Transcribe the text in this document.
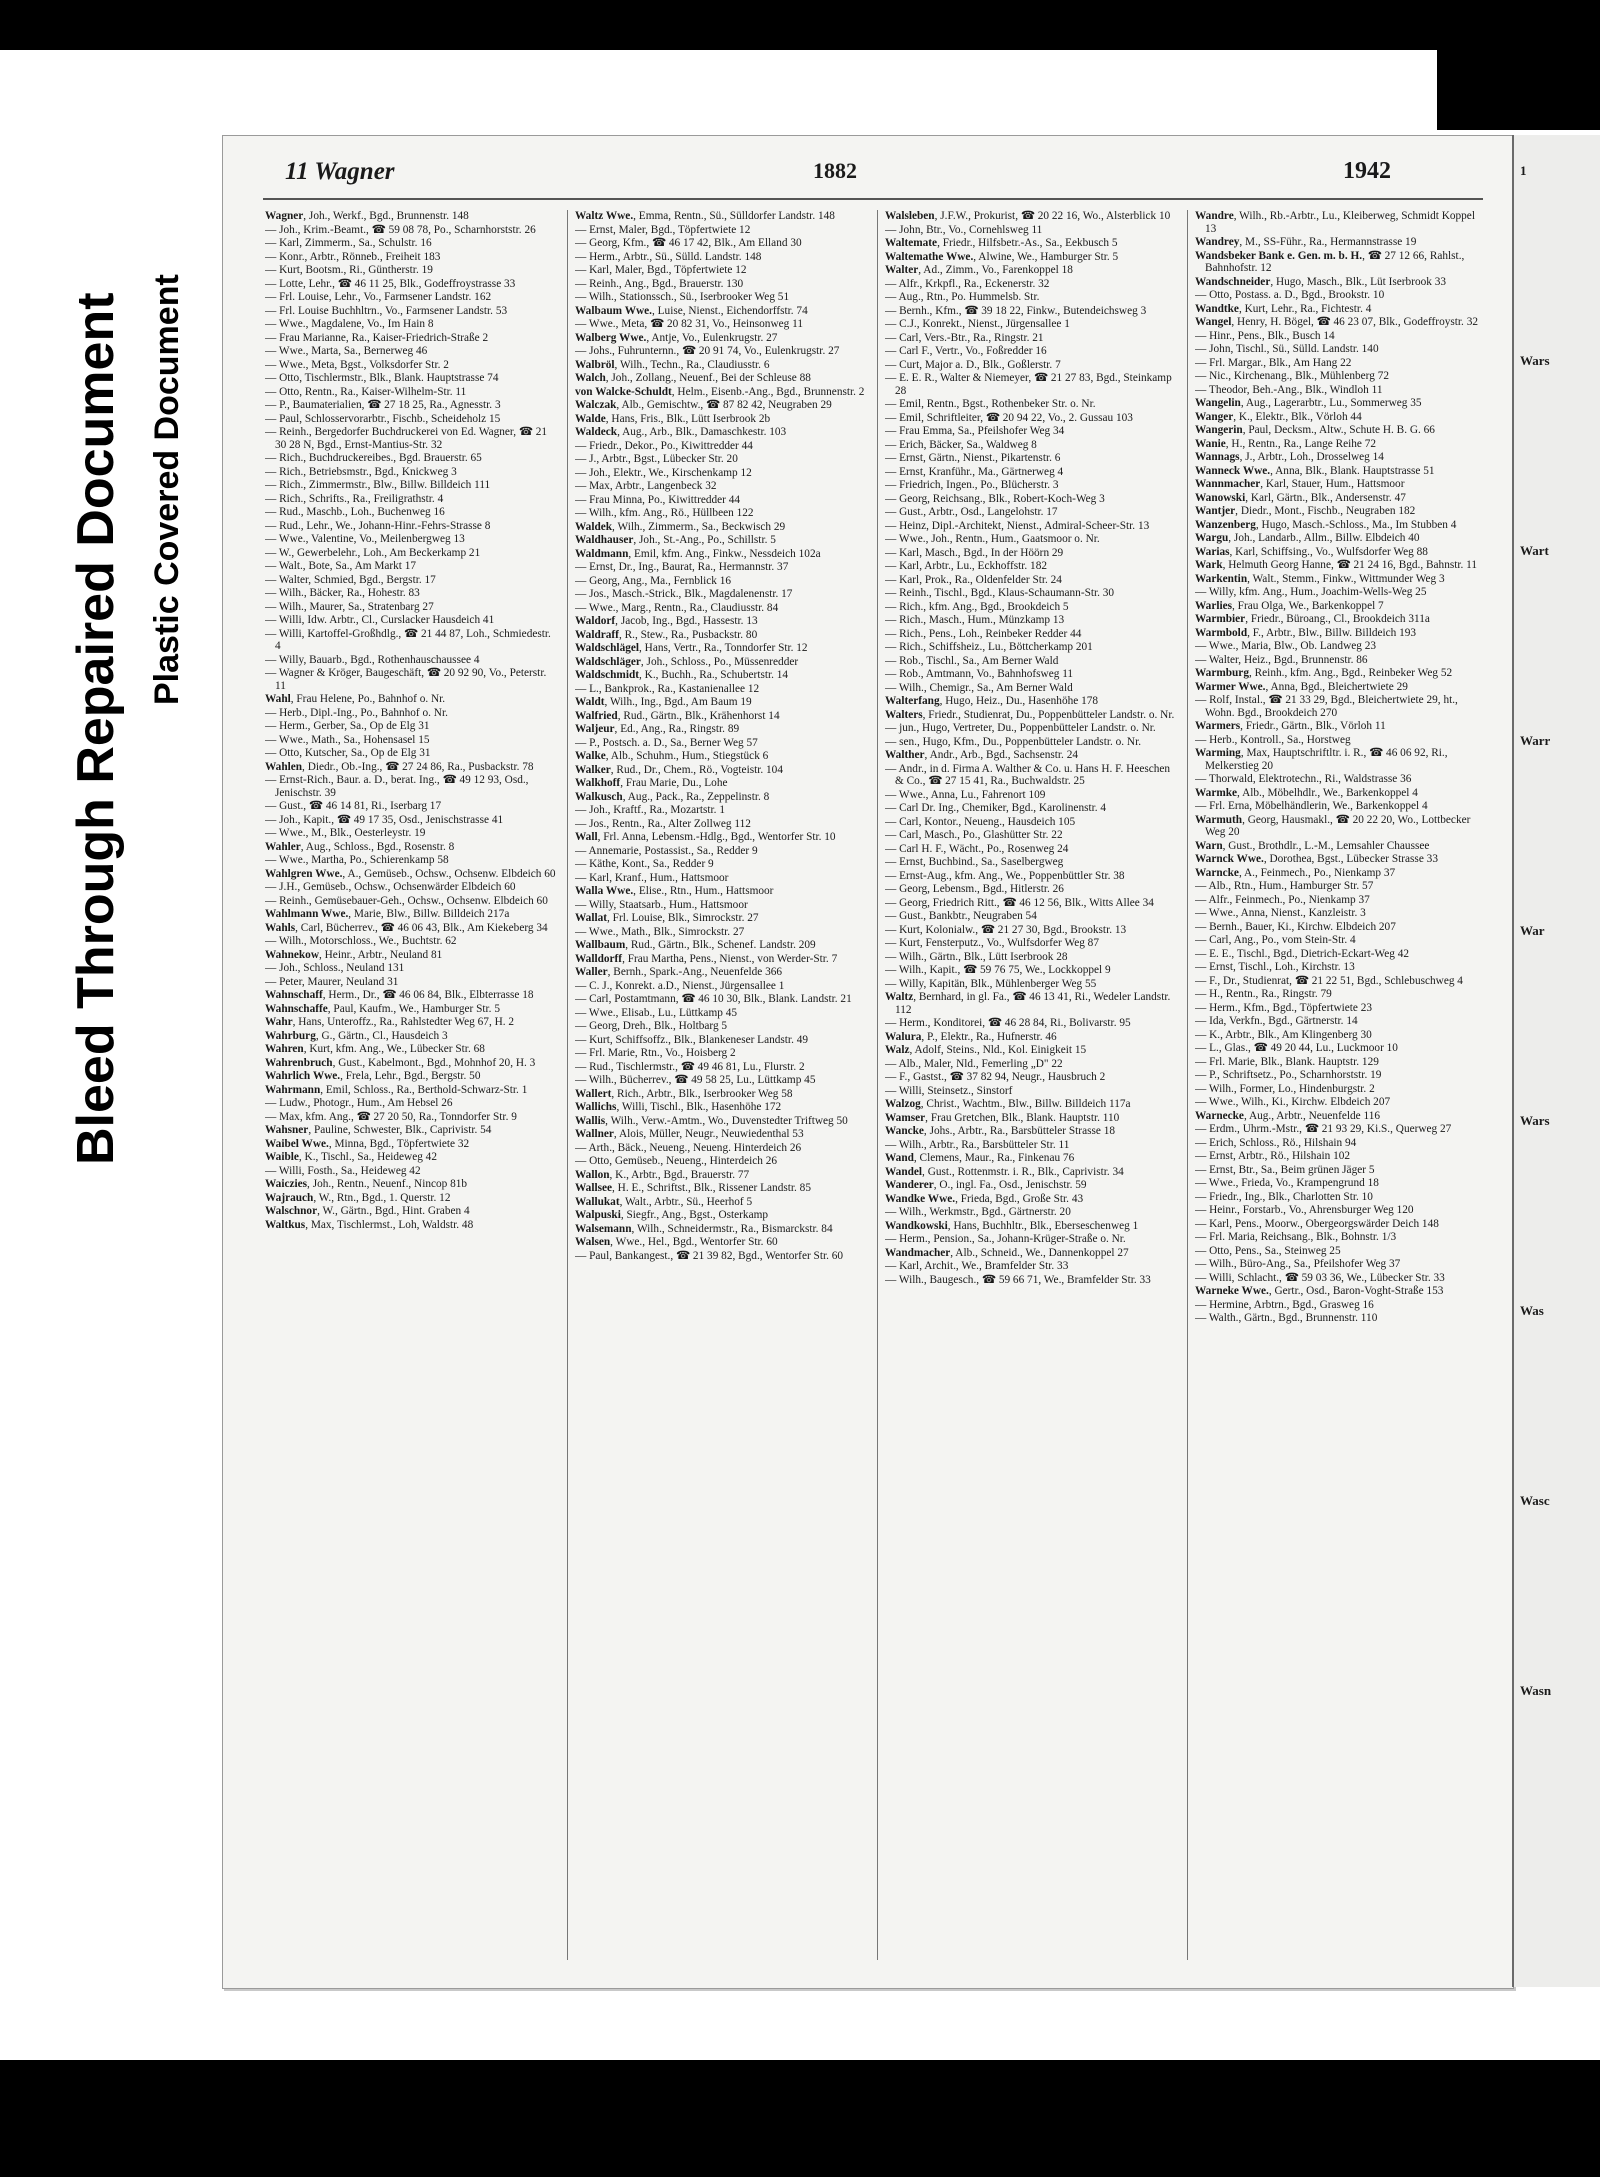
Bleed Through Repaired Document Plastic Covered Document
11 Wagner	1882	1942
Wagner, Joh., Werkf., Bgd., Brunnenstr. 148
— Joh., Krim.-Beamt., ☎ 59 08 78, Po., Scharnhorststr. 26
— Karl, Zimmerm., Sa., Schulstr. 16
— Konr., Arbtr., Rönneb., Freiheit 183
— Kurt, Bootsm., Ri., Güntherstr. 19
— Lotte, Lehr., ☎ 46 11 25, Blk., Godeffroystrasse 33
— Frl. Louise, Lehr., Vo., Farmsener Landstr. 162
— Frl. Louise Buchhltrn., Vo., Farmsener Landstr. 53
— Wwe., Magdalene, Vo., Im Hain 8
— Frau Marianne, Ra., Kaiser-Friedrich-Straße 2
— Wwe., Marta, Sa., Bernerweg 46
— Wwe., Meta, Bgst., Volksdorfer Str. 2
— Otto, Tischlermstr., Blk., Blank. Hauptstrasse 74
— Otto, Rentn., Ra., Kaiser-Wilhelm-Str. 11
— P., Baumaterialien, ☎ 27 18 25, Ra., Agnesstr. 3
— Paul, Schlosservorarbtr., Fischb., Scheideholz 15
— Reinh., Bergedorfer Buchdruckerei von Ed. Wagner, ☎ 21 30 28 N, Bgd., Ernst-Mantius-Str. 32
— Rich., Buchdruckereibes., Bgd. Brauerstr. 65
— Rich., Betriebsmstr., Bgd., Knickweg 3
— Rich., Zimmermstr., Blw., Billw. Billdeich 111
— Rich., Schrifts., Ra., Freiligrathstr. 4
— Rud., Maschb., Loh., Buchenweg 16
— Rud., Lehr., We., Johann-Hinr.-Fehrs-Strasse 8
— Wwe., Valentine, Vo., Meilenbergweg 13
— W., Gewerbelehr., Loh., Am Beckerkamp 21
— Walt., Bote, Sa., Am Markt 17
— Walter, Schmied, Bgd., Bergstr. 17
— Wilh., Bäcker, Ra., Hohestr. 83
— Wilh., Maurer, Sa., Stratenbarg 27
— Willi, Idw. Arbtr., Cl., Curslacker Hausdeich 41
— Willi, Kartoffel-Großhdlg., ☎ 21 44 87, Loh., Schmiedestr. 4
— Willy, Bauarb., Bgd., Rothenhauschaussee 4
— Wagner & Kröger, Baugeschäft, ☎ 20 92 90, Vo., Peterstr. 11
Wahl, Frau Helene, Po., Bahnhof o. Nr.
— Herb., Dipl.-Ing., Po., Bahnhof o. Nr.
— Herm., Gerber, Sa., Op de Elg 31
— Wwe., Math., Sa., Hohensasel 15
— Otto, Kutscher, Sa., Op de Elg 31
Wahlen, Diedr., Ob.-Ing., ☎ 27 24 86, Ra., Pusbackstr. 78
— Ernst-Rich., Baur. a. D., berat. Ing., ☎ 49 12 93, Osd., Jenischstr. 39
— Gust., ☎ 46 14 81, Ri., Iserbarg 17
— Joh., Kapit., ☎ 49 17 35, Osd., Jenischstrasse 41
— Wwe., M., Blk., Oesterleystr. 19
Wahler, Aug., Schloss., Bgd., Rosenstr. 8
— Wwe., Martha, Po., Schierenkamp 58
Wahlgren Wwe., A., Gemüseb., Ochsw., Ochsenw. Elbdeich 60
— J.H., Gemüseb., Ochsw., Ochsenwärder Elbdeich 60
— Reinh., Gemüsebauer-Geh., Ochsw., Ochsenw. Elbdeich 60
Wahlmann Wwe., Marie, Blw., Billw. Billdeich 217a
Wahls, Carl, Bücherrev., ☎ 46 06 43, Blk., Am Kiekeberg 34
— Wilh., Motorschloss., We., Buchtstr. 62
Wahnekow, Heinr., Arbtr., Neuland 81
— Joh., Schloss., Neuland 131
— Peter, Maurer, Neuland 31
Wahnschaff, Herm., Dr., ☎ 46 06 84, Blk., Elbterrasse 18
Wahnschaffe, Paul, Kaufm., We., Hamburger Str. 5
Wahr, Hans, Unteroffz., Ra., Rahlstedter Weg 67, H. 2
Wahrburg, G., Gärtn., Cl., Hausdeich 3
Wahren, Kurt, kfm. Ang., We., Lübecker Str. 68
Wahrenbruch, Gust., Kabelmont., Bgd., Mohnhof 20, H. 3
Wahrlich Wwe., Frela, Lehr., Bgd., Bergstr. 50
Wahrmann, Emil, Schloss., Ra., Berthold-Schwarz-Str. 1
— Ludw., Photogr., Hum., Am Hebsel 26
— Max, kfm. Ang., ☎ 27 20 50, Ra., Tonndorfer Str. 9
Wahsner, Pauline, Schwester, Blk., Caprivistr. 54
Waibel Wwe., Minna, Bgd., Töpfertwiete 32
Waible, K., Tischl., Sa., Heideweg 42
— Willi, Fosth., Sa., Heideweg 42
Waiczies, Joh., Rentn., Neuenf., Nincop 81b
Wajrauch, W., Rtn., Bgd., 1. Querstr. 12
Walschnor, W., Gärtn., Bgd., Hint. Graben 4
Waltkus, Max, Tischlermst., Loh, Waldstr. 48
Waltz Wwe., Emma, Rentn., Sü., Sülldorfer Landstr. 148
— Ernst, Maler, Bgd., Töpfertwiete 12
— Georg, Kfm., ☎ 46 17 42, Blk., Am Elland 30
— Herm., Arbtr., Sü., Sülld. Landstr. 148
— Karl, Maler, Bgd., Töpfertwiete 12
— Reinh., Ang., Bgd., Brauerstr. 130
— Wilh., Stationssch., Sü., Iserbrooker Weg 51
Walbaum Wwe., Luise, Nienst., Eichendorffstr. 74
— Wwe., Meta, ☎ 20 82 31, Vo., Heinsonweg 11
Walberg Wwe., Antje, Vo., Eulenkrugstr. 27
— Johs., Fuhrunternn., ☎ 20 91 74, Vo., Eulenkrugstr. 27
Walbröl, Wilh., Techn., Ra., Claudiusstr. 6
Walch, Joh., Zollang., Neuenf., Bei der Schleuse 88
von Walcke-Schuldt, Helm., Eisenb.-Ang., Bgd., Brunnenstr. 2
Walczak, Alb., Gemischtw., ☎ 87 82 42, Neugraben 29
Walde, Hans, Fris., Blk., Lütt Iserbrook 2b
Waldeck, Aug., Arb., Blk., Damaschkestr. 103
— Friedr., Dekor., Po., Kiwittredder 44
— J., Arbtr., Bgst., Lübecker Str. 20
— Joh., Elektr., We., Kirschenkamp 12
— Max, Arbtr., Langenbeck 32
— Frau Minna, Po., Kiwittredder 44
— Wilh., kfm. Ang., Rö., Hüllbeen 122
Waldek, Wilh., Zimmerm., Sa., Beckwisch 29
Waldhauser, Joh., St.-Ang., Po., Schillstr. 5
Waldmann, Emil, kfm. Ang., Finkw., Nessdeich 102a
— Ernst, Dr., Ing., Baurat, Ra., Hermannstr. 37
— Georg, Ang., Ma., Fernblick 16
— Jos., Masch.-Strick., Blk., Magdalenenstr. 17
— Wwe., Marg., Rentn., Ra., Claudiusstr. 84
Waldorf, Jacob, Ing., Bgd., Hassestr. 13
Waldraff, R., Stew., Ra., Pusbackstr. 80
Waldschlägel, Hans, Vertr., Ra., Tonndorfer Str. 12
Waldschläger, Joh., Schloss., Po., Müssenredder
Waldschmidt, K., Buchh., Ra., Schubertstr. 14
— L., Bankprok., Ra., Kastanienallee 12
Waldt, Wilh., Ing., Bgd., Am Baum 19
Walfried, Rud., Gärtn., Blk., Krähenhorst 14
Waljeur, Ed., Ang., Ra., Ringstr. 89
— P., Postsch. a. D., Sa., Berner Weg 57
Walke, Alb., Schuhm., Hum., Stiegstück 6
Walker, Rud., Dr., Chem., Rö., Vogteistr. 104
Walkhoff, Frau Marie, Du., Lohe
Walkusch, Aug., Pack., Ra., Zeppelinstr. 8
— Joh., Kraftf., Ra., Mozartstr. 1
— Jos., Rentn., Ra., Alter Zollweg 112
Wall, Frl. Anna, Lebensm.-Hdlg., Bgd., Wentorfer Str. 10
— Annemarie, Postassist., Sa., Redder 9
— Käthe, Kont., Sa., Redder 9
— Karl, Kranf., Hum., Hattsmoor
Walla Wwe., Elise., Rtn., Hum., Hattsmoor
— Willy, Staatsarb., Hum., Hattsmoor
Wallat, Frl. Louise, Blk., Simrockstr. 27
— Wwe., Math., Blk., Simrockstr. 27
Wallbaum, Rud., Gärtn., Blk., Schenef. Landstr. 209
Walldorff, Frau Martha, Pens., Nienst., von Werder-Str. 7
Waller, Bernh., Spark.-Ang., Neuenfelde 366
— C. J., Konrekt. a.D., Nienst., Jürgensallee 1
— Carl, Postamtmann, ☎ 46 10 30, Blk., Blank. Landstr. 21
— Wwe., Elisab., Lu., Lüttkamp 45
— Georg, Dreh., Blk., Holtbarg 5
— Kurt, Schiffsoffz., Blk., Blankeneser Landstr. 49
— Frl. Marie, Rtn., Vo., Hoisberg 2
— Rud., Tischlermstr., ☎ 49 46 81, Lu., Flurstr. 2
— Wilh., Bücherrev., ☎ 49 58 25, Lu., Lüttkamp 45
Wallert, Rich., Arbtr., Blk., Iserbrooker Weg 58
Wallichs, Willi, Tischl., Blk., Hasenhöhe 172
Wallis, Wilh., Verw.-Amtm., Wo., Duvenstedter Triftweg 50
Wallner, Alois, Müller, Neugr., Neuwiedenthal 53
— Arth., Bäck., Neueng., Neueng. Hinterdeich 26
— Otto, Gemüseb., Neueng., Hinterdeich 26
Wallon, K., Arbtr., Bgd., Brauerstr. 77
Wallsee, H. E., Schriftst., Blk., Rissener Landstr. 85
Wallukat, Walt., Arbtr., Sü., Heerhof 5
Walpuski, Siegfr., Ang., Bgst., Osterkamp
Walsemann, Wilh., Schneidermstr., Ra., Bismarckstr. 84
Walsen, Wwe., Hel., Bgd., Wentorfer Str. 60
— Paul, Bankangest., ☎ 21 39 82, Bgd., Wentorfer Str. 60
Walsleben, J.F.W., Prokurist, ☎ 20 22 16, Wo., Alsterblick 10
— John, Btr., Vo., Cornehlsweg 11
Waltemate, Friedr., Hilfsbetr.-As., Sa., Eekbusch 5
Waltemathe Wwe., Alwine, We., Hamburger Str. 5
Walter, Ad., Zimm., Vo., Farenkoppel 18
— Alfr., Krkpfl., Ra., Eckenerstr. 32
— Aug., Rtn., Po. Hummelsb. Str.
— Bernh., Kfm., ☎ 39 18 22, Finkw., Butendeichsweg 3
— C.J., Konrekt., Nienst., Jürgensallee 1
— Carl, Vers.-Btr., Ra., Ringstr. 21
— Carl F., Vertr., Vo., Foßredder 16
— Curt, Major a. D., Blk., Goßlerstr. 7
— E. E. R., Walter & Niemeyer, ☎ 21 27 83, Bgd., Steinkamp 28
— Emil, Rentn., Bgst., Rothenbeker Str. o. Nr.
— Emil, Schriftleiter, ☎ 20 94 22, Vo., 2. Gussau 103
— Frau Emma, Sa., Pfeilshofer Weg 34
— Erich, Bäcker, Sa., Waldweg 8
— Ernst, Gärtn., Nienst., Pikartenstr. 6
— Ernst, Kranführ., Ma., Gärtnerweg 4
— Friedrich, Ingen., Po., Blücherstr. 3
— Georg, Reichsang., Blk., Robert-Koch-Weg 3
— Gust., Arbtr., Osd., Langelohstr. 17
— Heinz, Dipl.-Architekt, Nienst., Admiral-Scheer-Str. 13
— Wwe., Joh., Rentn., Hum., Gaatsmoor o. Nr.
— Karl, Masch., Bgd., In der Höörn 29
— Karl, Arbtr., Lu., Eckhoffstr. 182
— Karl, Prok., Ra., Oldenfelder Str. 24
— Reinh., Tischl., Bgd., Klaus-Schaumann-Str. 30
— Rich., kfm. Ang., Bgd., Brookdeich 5
— Rich., Masch., Hum., Münzkamp 13
— Rich., Pens., Loh., Reinbeker Redder 44
— Rich., Schiffsheiz., Lu., Böttcherkamp 201
— Rob., Tischl., Sa., Am Berner Wald
— Rob., Amtmann, Vo., Bahnhofsweg 11
— Wilh., Chemigr., Sa., Am Berner Wald
Walterfang, Hugo, Heiz., Du., Hasenhöhe 178
Walters, Friedr., Studienrat, Du., Poppenbütteler Landstr. o. Nr.
— jun., Hugo, Vertreter, Du., Poppenbütteler Landstr. o. Nr.
— sen., Hugo, Kfm., Du., Poppenbütteler Landstr. o. Nr.
Walther, Andr., Arb., Bgd., Sachsenstr. 24
— Andr., in d. Firma A. Walther & Co. u. Hans H. F. Heeschen & Co., ☎ 27 15 41, Ra., Buchwaldstr. 25
— Wwe., Anna, Lu., Fahrenort 109
— Carl Dr. Ing., Chemiker, Bgd., Karolinenstr. 4
— Carl, Kontor., Neueng., Hausdeich 105
— Carl, Masch., Po., Glashütter Str. 22
— Carl H. F., Wächt., Po., Rosenweg 24
— Ernst, Buchbind., Sa., Saselbergweg
— Ernst-Aug., kfm. Ang., We., Poppenbüttler Str. 38
— Georg, Lebensm., Bgd., Hitlerstr. 26
— Georg, Friedrich Ritt., ☎ 46 12 56, Blk., Witts Allee 34
— Gust., Bankbtr., Neugraben 54
— Kurt, Kolonialw., ☎ 21 27 30, Bgd., Brookstr. 13
— Kurt, Fensterputz., Vo., Wulfsdorfer Weg 87
— Wilh., Gärtn., Blk., Lütt Iserbrook 28
— Wilh., Kapit., ☎ 59 76 75, We., Lockkoppel 9
— Willy, Kapitän, Blk., Mühlenberger Weg 55
Waltz, Bernhard, in gl. Fa., ☎ 46 13 41, Ri., Wedeler Landstr. 112
— Herm., Konditorei, ☎ 46 28 84, Ri., Bolivarstr. 95
Walura, P., Elektr., Ra., Hufnerstr. 46
Walz, Adolf, Steins., Nld., Kol. Einigkeit 15
— Alb., Maler, Nld., Femerling „D" 22
— F., Gastst., ☎ 37 82 94, Neugr., Hausbruch 2
— Willi, Steinsetz., Sinstorf
Walzog, Christ., Wachtm., Blw., Billw. Billdeich 117a
Wamser, Frau Gretchen, Blk., Blank. Hauptstr. 110
Wancke, Johs., Arbtr., Ra., Barsbütteler Strasse 18
— Wilh., Arbtr., Ra., Barsbütteler Str. 11
Wand, Clemens, Maur., Ra., Finkenau 76
Wandel, Gust., Rottenmstr. i. R., Blk., Caprivistr. 34
Wanderer, O., ingl. Fa., Osd., Jenischstr. 59
Wandke Wwe., Frieda, Bgd., Große Str. 43
— Wilh., Werkmstr., Bgd., Gärtnerstr. 20
Wandkowski, Hans, Buchhltr., Blk., Eberseschenweg 1
— Herm., Pension., Sa., Johann-Krüger-Straße o. Nr.
Wandmacher, Alb., Schneid., We., Dannenkoppel 27
— Karl, Archit., We., Bramfelder Str. 33
— Wilh., Baugesch., ☎ 59 66 71, We., Bramfelder Str. 33
Wandre, Wilh., Rb.-Arbtr., Lu., Kleiberweg, Schmidt Koppel 13
Wandrey, M., SS-Führ., Ra., Hermannstrasse 19
Wandsbeker Bank e. Gen. m. b. H., ☎ 27 12 66, Rahlst., Bahnhofstr. 12
Wandschneider, Hugo, Masch., Blk., Lüt Iserbrook 33
— Otto, Postass. a. D., Bgd., Brookstr. 10
Wandtke, Kurt, Lehr., Ra., Fichtestr. 4
Wangel, Henry, H. Bögel, ☎ 46 23 07, Blk., Godeffroystr. 32
— Hinr., Pens., Blk., Busch 14
— John, Tischl., Sü., Sülld. Landstr. 140
— Frl. Margar., Blk., Am Hang 22
— Nic., Kirchenang., Blk., Mühlenberg 72
— Theodor, Beh.-Ang., Blk., Windloh 11
Wangelin, Aug., Lagerarbtr., Lu., Sommerweg 35
Wanger, K., Elektr., Blk., Vörloh 44
Wangerin, Paul, Decksm., Altw., Schute H. B. G. 66
Wanie, H., Rentn., Ra., Lange Reihe 72
Wannags, J., Arbtr., Loh., Drosselweg 14
Wanneck Wwe., Anna, Blk., Blank. Hauptstrasse 51
Wannmacher, Karl, Stauer, Hum., Hattsmoor
Wanowski, Karl, Gärtn., Blk., Andersenstr. 47
Wantjer, Diedr., Mont., Fischb., Neugraben 182
Wanzenberg, Hugo, Masch.-Schloss., Ma., Im Stubben 4
Wargu, Joh., Landarb., Allm., Billw. Elbdeich 40
Warias, Karl, Schiffsing., Vo., Wulfsdorfer Weg 88
Wark, Helmuth Georg Hanne, ☎ 21 24 16, Bgd., Bahnstr. 11
Warkentin, Walt., Stemm., Finkw., Wittmunder Weg 3
— Willy, kfm. Ang., Hum., Joachim-Wells-Weg 25
Warlies, Frau Olga, We., Barkenkoppel 7
Warmbier, Friedr., Büroang., Cl., Brookdeich 311a
Warmbold, F., Arbtr., Blw., Billw. Billdeich 193
— Wwe., Maria, Blw., Ob. Landweg 23
— Walter, Heiz., Bgd., Brunnenstr. 86
Warmburg, Reinh., kfm. Ang., Bgd., Reinbeker Weg 52
Warmer Wwe., Anna, Bgd., Bleichertwiete 29
— Rolf, Instal., ☎ 21 33 29, Bgd., Bleichertwiete 29, ht., Wohn. Bgd., Brookdeich 270
Warmers, Friedr., Gärtn., Blk., Vörloh 11
— Herb., Kontroll., Sa., Horstweg
Warming, Max, Hauptschriftltr. i. R., ☎ 46 06 92, Ri., Melkerstieg 20
— Thorwald, Elektrotechn., Ri., Waldstrasse 36
Warmke, Alb., Möbelhdlr., We., Barkenkoppel 4
— Frl. Erna, Möbelhändlerin, We., Barkenkoppel 4
Warmuth, Georg, Hausmakl., ☎ 20 22 20, Wo., Lottbecker Weg 20
Warn, Gust., Brothdlr., L.-M., Lemsahler Chaussee
Warnck Wwe., Dorothea, Bgst., Lübecker Strasse 33
Warncke, A., Feinmech., Po., Nienkamp 37
— Alb., Rtn., Hum., Hamburger Str. 57
— Alfr., Feinmech., Po., Nienkamp 37
— Wwe., Anna, Nienst., Kanzleistr. 3
— Bernh., Bauer, Ki., Kirchw. Elbdeich 207
— Carl, Ang., Po., vom Stein-Str. 4
— E. E., Tischl., Bgd., Dietrich-Eckart-Weg 42
— Ernst, Tischl., Loh., Kirchstr. 13
— F., Dr., Studienrat, ☎ 21 22 51, Bgd., Schlebuschweg 4
— H., Rentn., Ra., Ringstr. 79
— Herm., Kfm., Bgd., Töpfertwiete 23
— Ida, Verkfn., Bgd., Gärtnerstr. 14
— K., Arbtr., Blk., Am Klingenberg 30
— L., Glas., ☎ 49 20 44, Lu., Luckmoor 10
— Frl. Marie, Blk., Blank. Hauptstr. 129
— P., Schriftsetz., Po., Scharnhorststr. 19
— Wilh., Former, Lo., Hindenburgstr. 2
— Wwe., Wilh., Ki., Kirchw. Elbdeich 207
Warnecke, Aug., Arbtr., Neuenfelde 116
— Erdm., Uhrm.-Mstr., ☎ 21 93 29, Ki.S., Querweg 27
— Erich, Schloss., Rö., Hilshain 94
— Ernst, Arbtr., Rö., Hilshain 102
— Ernst, Btr., Sa., Beim grünen Jäger 5
— Wwe., Frieda, Vo., Krampengrund 18
— Friedr., Ing., Blk., Charlotten Str. 10
— Heinr., Forstarb., Vo., Ahrensburger Weg 120
— Karl, Pens., Moorw., Obergeorgswärder Deich 148
— Frl. Maria, Reichsang., Blk., Bohnstr. 1/3
— Otto, Pens., Sa., Steinweg 25
— Wilh., Büro-Ang., Sa., Pfeilshofer Weg 37
— Willi, Schlacht., ☎ 59 03 36, We., Lübecker Str. 33
Warneke Wwe., Gertr., Osd., Baron-Voght-Straße 153
— Hermine, Arbtrn., Bgd., Grasweg 16
— Walth., Gärtn., Bgd., Brunnenstr. 110
1
Wars
Wart
Warr
War
Wars
Was
Wasc
Wasn
